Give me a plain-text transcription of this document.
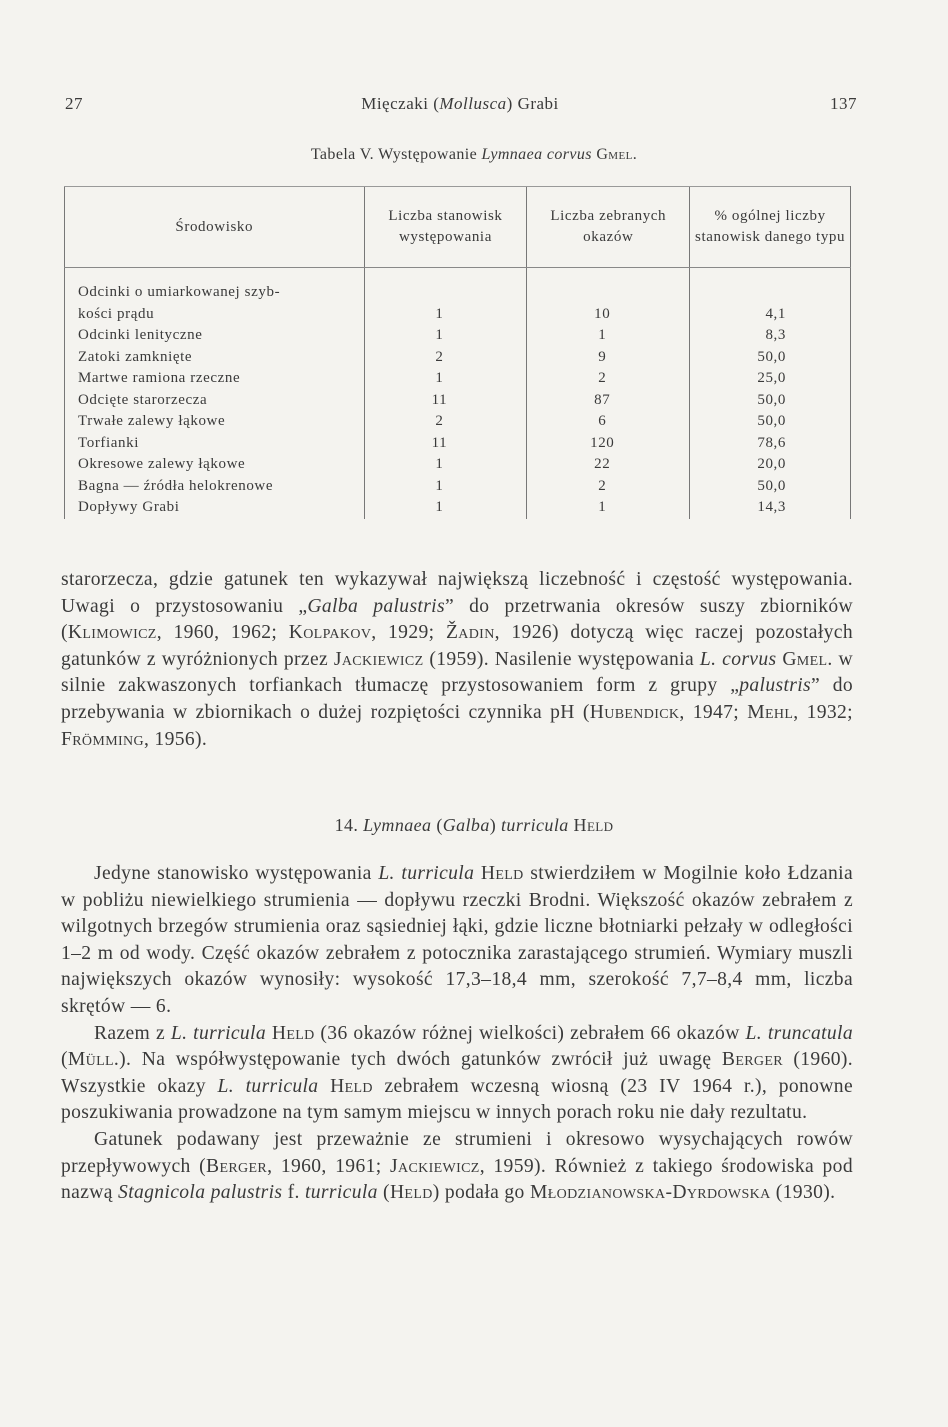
27	Mięczaki (Mollusca) Grabi	137
Tabela V. Występowanie Lymnaea corvus Gmel.
Środowisko	Liczba stanowisk występowania	Liczba zebranych okazów	% ogólnej liczby stanowisk danego typu
Odcinki o umiarkowanej szyb-
kości prądu	1	10	4,1
Odcinki lenityczne	1	1	8,3
Zatoki zamknięte	2	9	50,0
Martwe ramiona rzeczne	1	2	25,0
Odcięte starorzecza	11	87	50,0
Trwałe zalewy łąkowe	2	6	50,0
Torfianki	11	120	78,6
Okresowe zalewy łąkowe	1	22	20,0
Bagna — źródła helokrenowe	1	2	50,0
Dopływy Grabi	1	1	14,3

starorzecza, gdzie gatunek ten wykazywał największą liczebność i częstość występowania. Uwagi o przystosowaniu „Galba palustris” do przetrwania okresów suszy zbiorników (Klimowicz, 1960, 1962; Kolpakov, 1929; Žadin, 1926) dotyczą więc raczej pozostałych gatunków z wyróżnionych przez Jackiewicz (1959). Nasilenie występowania L. corvus Gmel. w silnie zakwaszonych torfiankach tłumaczę przystosowaniem form z grupy „palustris” do przebywania w zbiornikach o dużej rozpiętości czynnika pH (Hubendick, 1947; Mehl, 1932; Frömming, 1956).

14. Lymnaea (Galba) turricula Held

Jedyne stanowisko występowania L. turricula Held stwierdziłem w Mogilnie koło Łdzania w pobliżu niewielkiego strumienia — dopływu rzeczki Brodni. Większość okazów zebrałem z wilgotnych brzegów strumienia oraz sąsiedniej łąki, gdzie liczne błotniarki pełzały w odległości 1–2 m od wody. Część okazów zebrałem z potocznika zarastającego strumień. Wymiary muszli największych okazów wynosiły: wysokość 17,3–18,4 mm, szerokość 7,7–8,4 mm, liczba skrętów — 6.

Razem z L. turricula Held (36 okazów różnej wielkości) zebrałem 66 okazów L. truncatula (Müll.). Na współwystępowanie tych dwóch gatunków zwrócił już uwagę Berger (1960). Wszystkie okazy L. turricula Held zebrałem wczesną wiosną (23 IV 1964 r.), ponowne poszukiwania prowadzone na tym samym miejscu w innych porach roku nie dały rezultatu.

Gatunek podawany jest przeważnie ze strumieni i okresowo wysychających rowów przepływowych (Berger, 1960, 1961; Jackiewicz, 1959). Również z takiego środowiska pod nazwą Stagnicola palustris f. turricula (Held) podała go Młodzianowska-Dyrdowska (1930).
